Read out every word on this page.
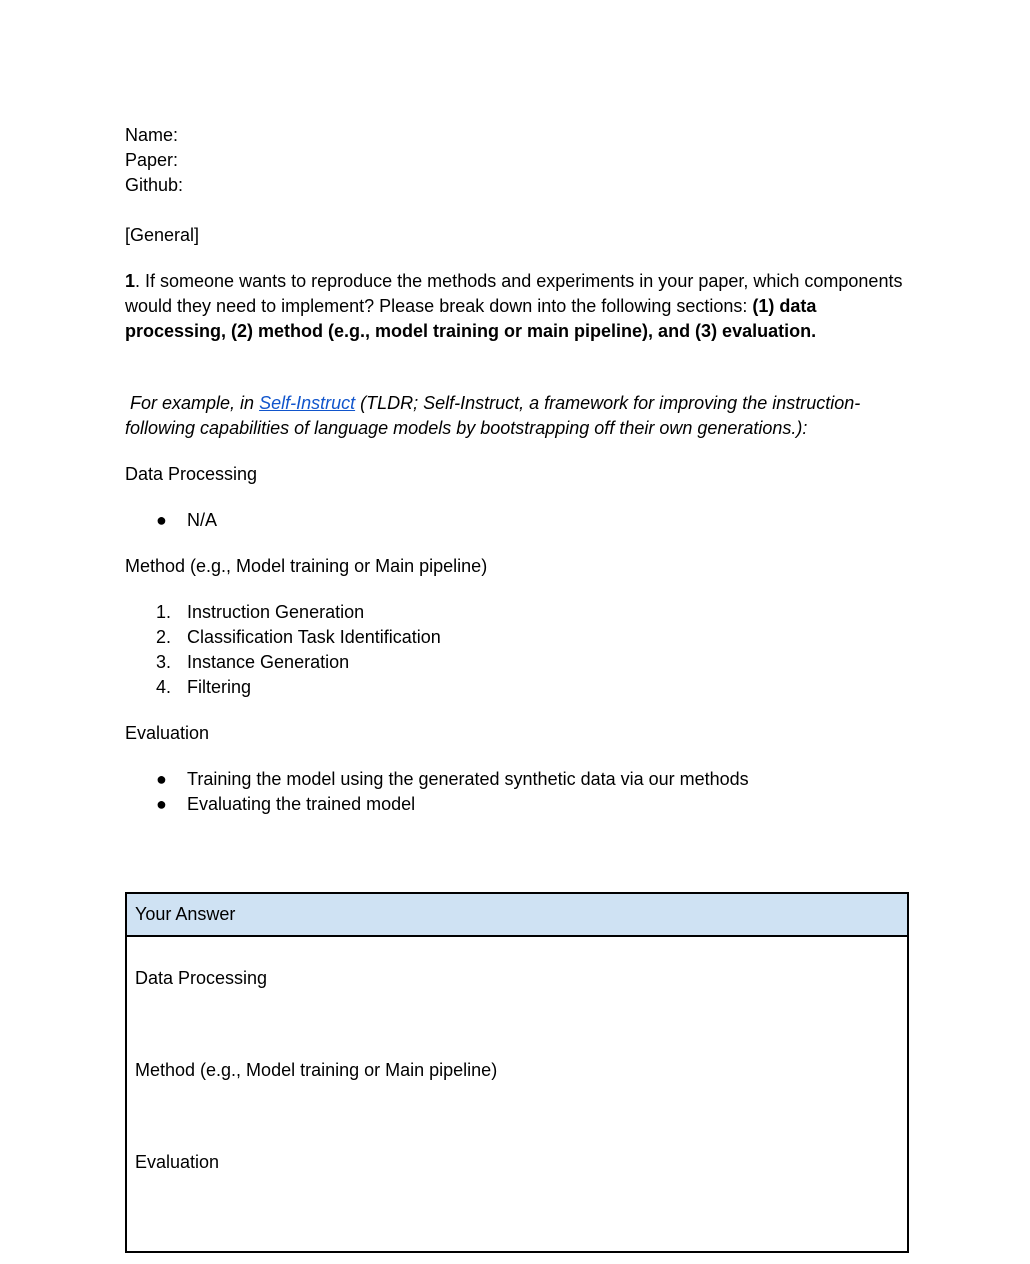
Name:

Paper:

Github:

[General]

1. If someone wants to reproduce the methods and experiments in your paper, which components would they need to implement? Please break down into the following sections: (1) data processing, (2) method (e.g., model training or main pipeline), and (3) evaluation.

For example, in Self-Instruct (TLDR; Self-Instruct, a framework for improving the instruction-following capabilities of language models by bootstrapping off their own generations.):

Data Processing

● N/A

Method (e.g., Model training or Main pipeline)

1. Instruction Generation
2. Classification Task Identification
3. Instance Generation
4. Filtering

Evaluation

● Training the model using the generated synthetic data via our methods
● Evaluating the trained model
Your Answer
Data Processing
Method (e.g., Model training or Main pipeline)
Evaluation
